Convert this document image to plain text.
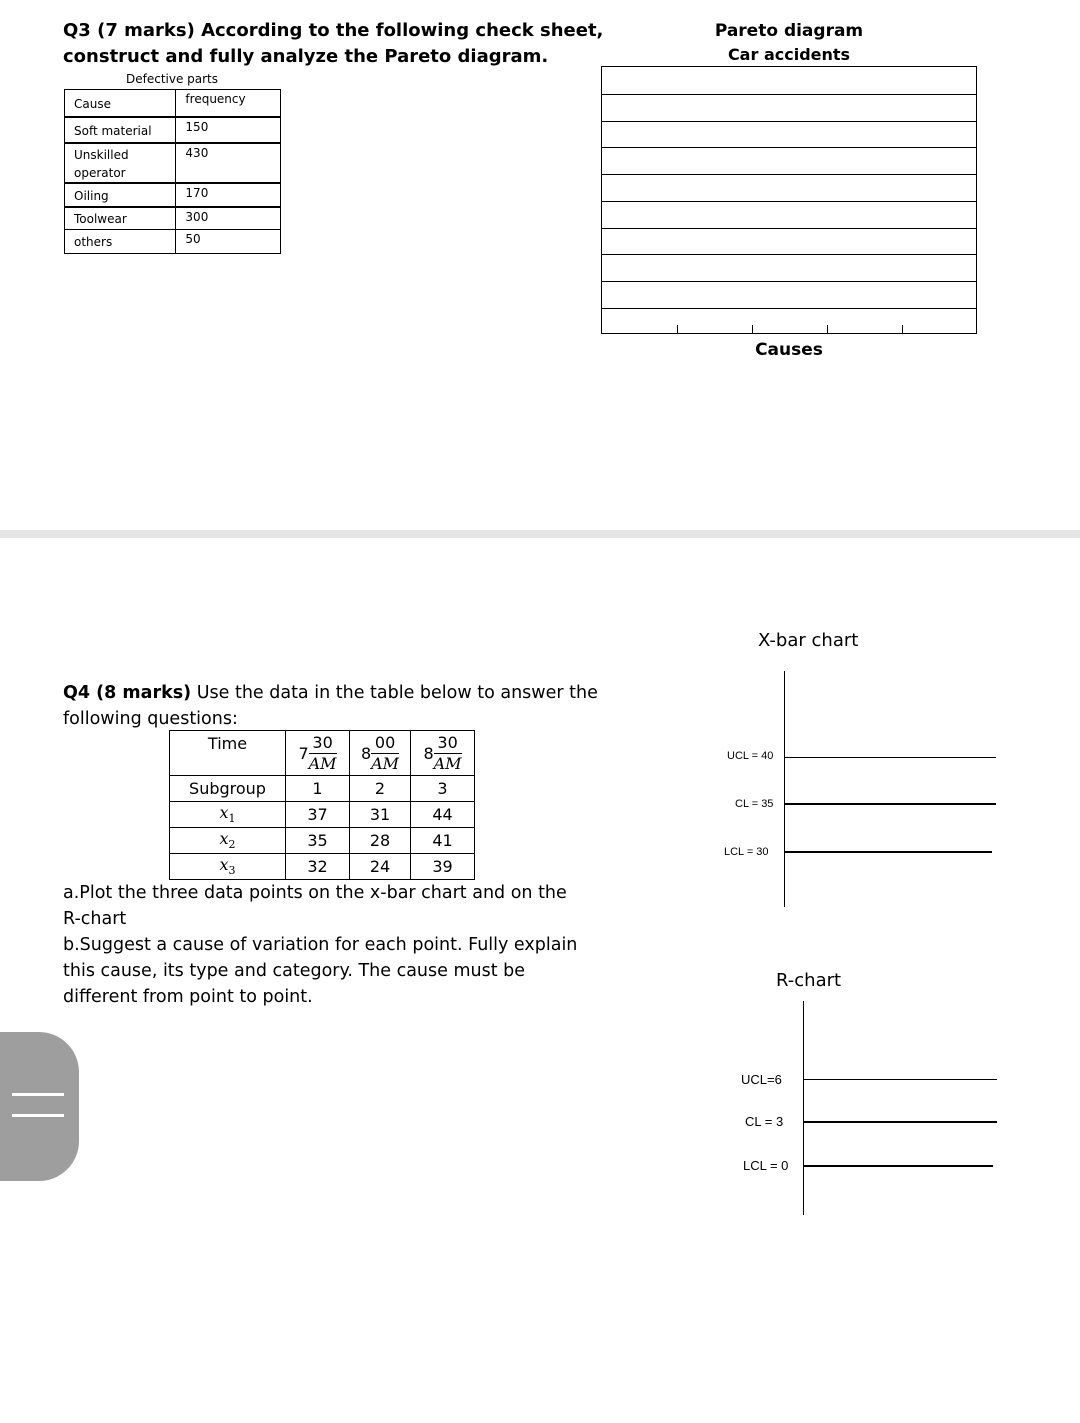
Q3 (7 marks) According to the following check sheet,
construct and fully analyze the Pareto diagram.
Defective parts
Cause	frequency
Soft material	150

Unskilled
operator	430
Oiling	170
Toolwear	300
others	50
Pareto diagram
Car accidents
Causes
Q4 (8 marks) Use the data in the table below to answer the
following questions:
Time	$7 \frac{30}{AM}$	$8 \frac{00}{AM}$	$8 \frac{30}{AM}$

Subgroup	1	2	3
$x_1$	37	31	44
$x_2$	35	28	41
$x_3$	32	24	39
a.Plot the three data points on the x-bar chart and on the
R-chart
b.Suggest a cause of variation for each point. Fully explain
this cause, its type and category. The cause must be
different from point to point.
X-bar chart
UCL = 40
CL = 35
LCL = 30
R-chart
UCL=6
CL = 3
LCL = 0
